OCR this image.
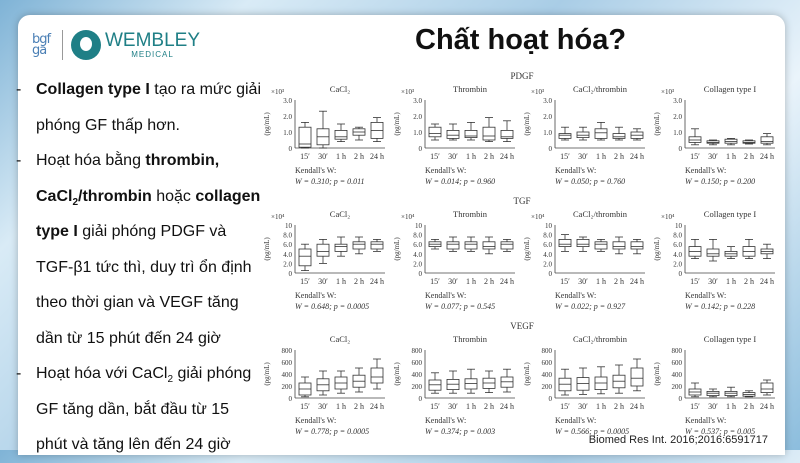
bgf
ga	WEMBLEY
MEDICAL	Chất hoạt hóa?
- Collagen type I tạo ra mức giải phóng GF thấp hơn.
- Hoạt hóa bằng thrombin, CaCl$_2$/thrombin hoặc collagen type I giải phóng PDGF và TGF-β1 tức thì, duy trì ổn định theo thời gian và VEGF tăng dần từ 15 phút đến 24 giờ
- Hoạt hóa với CaCl$_2$ giải phóng GF tăng dần, bắt đầu từ 15 phút và tăng lên đến 24 giờ
PDGF
CaCl₂
×10³
(pg/mL)
0
1.0
2.0
3.0
15′ 30′ 1 h 2 h 24 h
Kendall's W:
W = 0.310; p = 0.011
Thrombin
×10³
(pg/mL)
0
1.0
2.0
3.0
15′ 30′ 1 h 2 h 24 h
Kendall's W:
W = 0.014; p = 0.960
CaCl₂/thrombin
×10³
(pg/mL)
0
1.0
2.0
3.0
15′ 30′ 1 h 2 h 24 h
Kendall's W:
W = 0.050; p = 0.760
Collagen type I
×10³
(pg/mL)
0
1.0
2.0
3.0
15′ 30′ 1 h 2 h 24 h
Kendall's W:
W = 0.150; p = 0.200
TGF
CaCl₂
×10⁴
(pg/mL)
0
2.0
4.0
6.0
8.0
10
15′ 30′ 1 h 2 h 24 h
Kendall's W:
W = 0.648; p = 0.0005
Thrombin
×10⁴
(pg/mL)
0
2.0
4.0
6.0
8.0
10
15′ 30′ 1 h 2 h 24 h
Kendall's W:
W = 0.077; p = 0.545
CaCl₂/thrombin
×10⁴
(pg/mL)
0
2.0
4.0
6.0
8.0
10
15′ 30′ 1 h 2 h 24 h
Kendall's W:
W = 0.022; p = 0.927
Collagen type I
×10⁴
(pg/mL)
0
2.0
4.0
6.0
8.0
10
15′ 30′ 1 h 2 h 24 h
Kendall's W:
W = 0.142; p = 0.228
VEGF
CaCl₂
(pg/mL)
0
200
400
600
800
15′ 30′ 1 h 2 h 24 h
Kendall's W:
W = 0.778; p = 0.0005
Thrombin
(pg/mL)
0
200
400
600
800
15′ 30′ 1 h 2 h 24 h
Kendall's W:
W = 0.374; p = 0.003
CaCl₂/thrombin
(pg/mL)
0
200
400
600
800
15′ 30′ 1 h 2 h 24 h
Kendall's W:
W = 0.566; p = 0.0005
Collagen type I
(pg/mL)
0
200
400
600
800
15′ 30′ 1 h 2 h 24 h
Kendall's W:
W = 0.537; p = 0.005
Biomed Res Int. 2016;2016:6591717
